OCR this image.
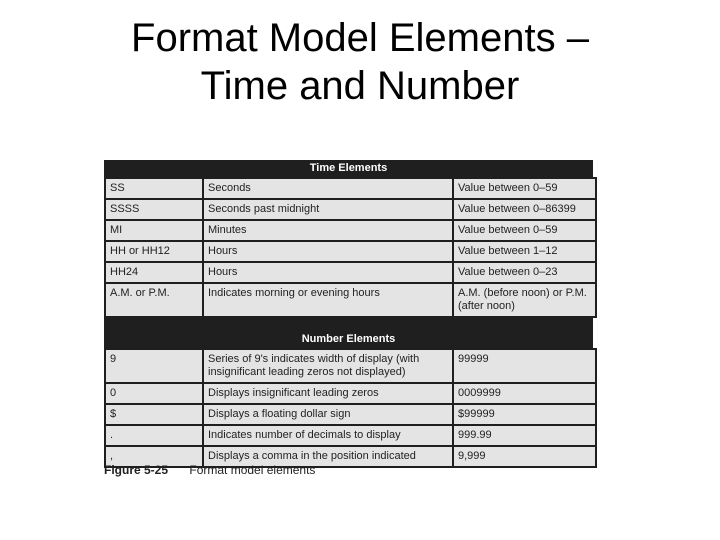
Format Model Elements –
Time and Number
Time Elements
SS	Seconds	Value between 0–59
SSSS	Seconds past midnight	Value between 0–86399
MI	Minutes	Value between 0–59
HH or HH12	Hours	Value between 1–12
HH24	Hours	Value between 0–23
A.M. or P.M.	Indicates morning or evening hours	A.M. (before noon) or P.M. (after noon)
Number Elements
9	Series of 9's indicates width of display (with insignificant leading zeros not displayed)	99999
0	Displays insignificant leading zeros	0009999
$	Displays a floating dollar sign	$99999
.	Indicates number of decimals to display	999.99
,	Displays a comma in the position indicated	9,999
Figure 5-25 Format model elements
